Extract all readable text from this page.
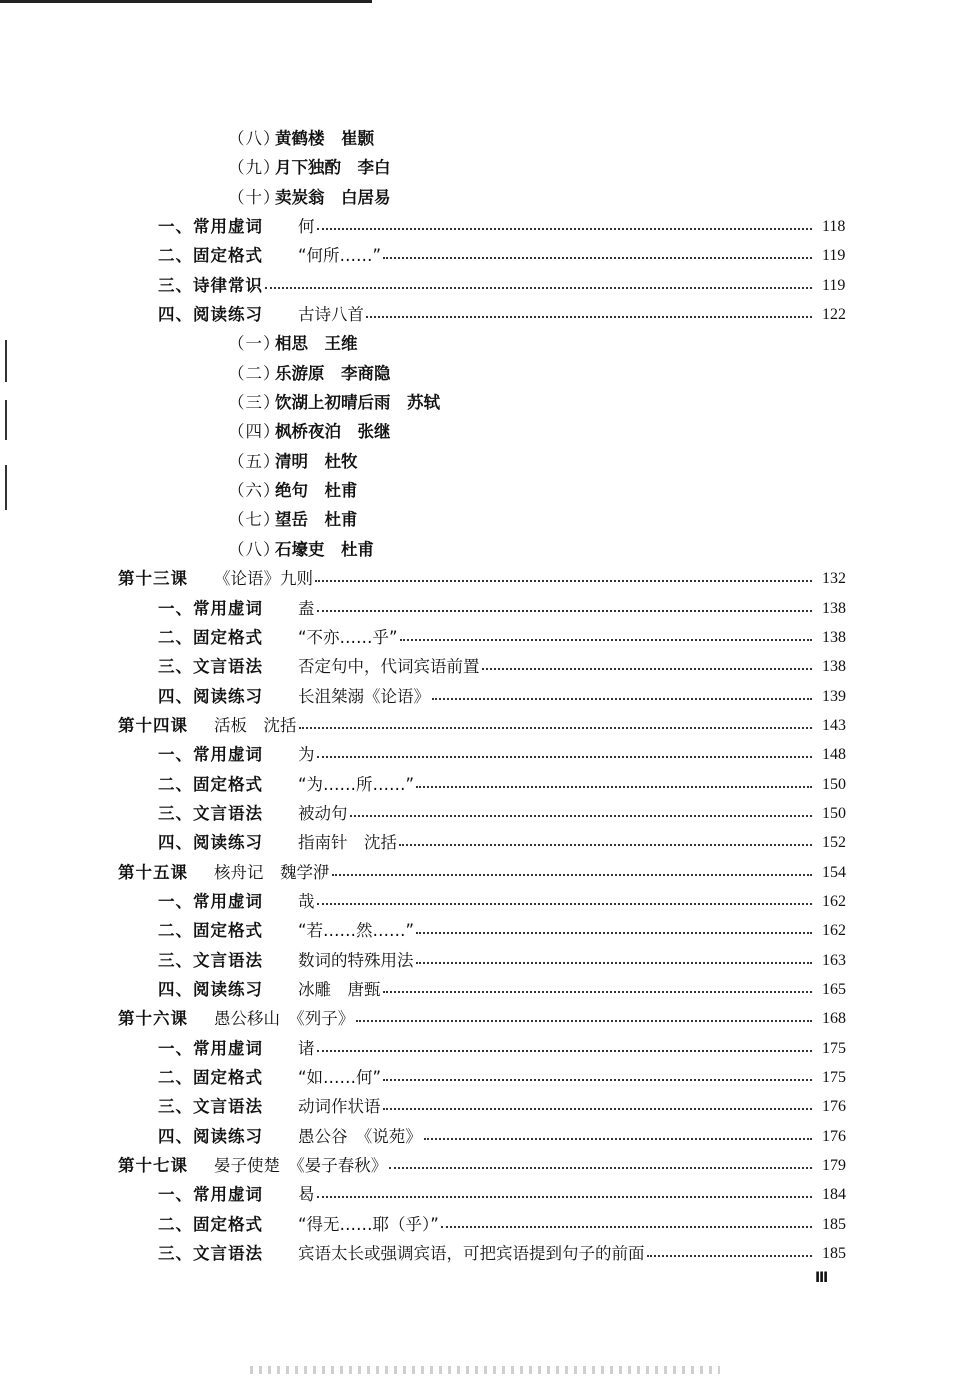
（八）
黄鹤楼　崔颢
（九）
月下独酌　李白
（十）
卖炭翁　白居易
一、常用虚词 何	118
二、固定格式 “何所……”	119
三、诗律常识	119
四、阅读练习 古诗八首	122
（一）
相思　王维
（二）
乐游原　李商隐
（三）
饮湖上初晴后雨　苏轼
（四）
枫桥夜泊　张继
（五）
清明　杜牧
（六）
绝句　杜甫
（七）
望岳　杜甫
（八）
石壕吏　杜甫
第十三课 《论语》九则	132
一、常用虚词 盍	138
二、固定格式 “不亦……乎”	138
三、文言语法 否定句中，代词宾语前置	138
四、阅读练习 长沮桀溺《论语》	139
第十四课 活板　沈括	143
一、常用虚词 为	148
二、固定格式 “为……所……”	150
三、文言语法 被动句	150
四、阅读练习 指南针　沈括	152
第十五课 核舟记　魏学洢	154
一、常用虚词 哉	162
二、固定格式 “若……然……”	162
三、文言语法 数词的特殊用法	163
四、阅读练习 冰雕　唐甄	165
第十六课 愚公移山　《列子》	168
一、常用虚词 诸	175
二、固定格式 “如……何”	175
三、文言语法 动词作状语	176
四、阅读练习 愚公谷　《说苑》	176
第十七课 晏子使楚　《晏子春秋》	179
一、常用虚词 曷	184
二、固定格式 “得无……耶（乎）”	185
三、文言语法 宾语太长或强调宾语，可把宾语提到句子的前面	185
Ⅲ
